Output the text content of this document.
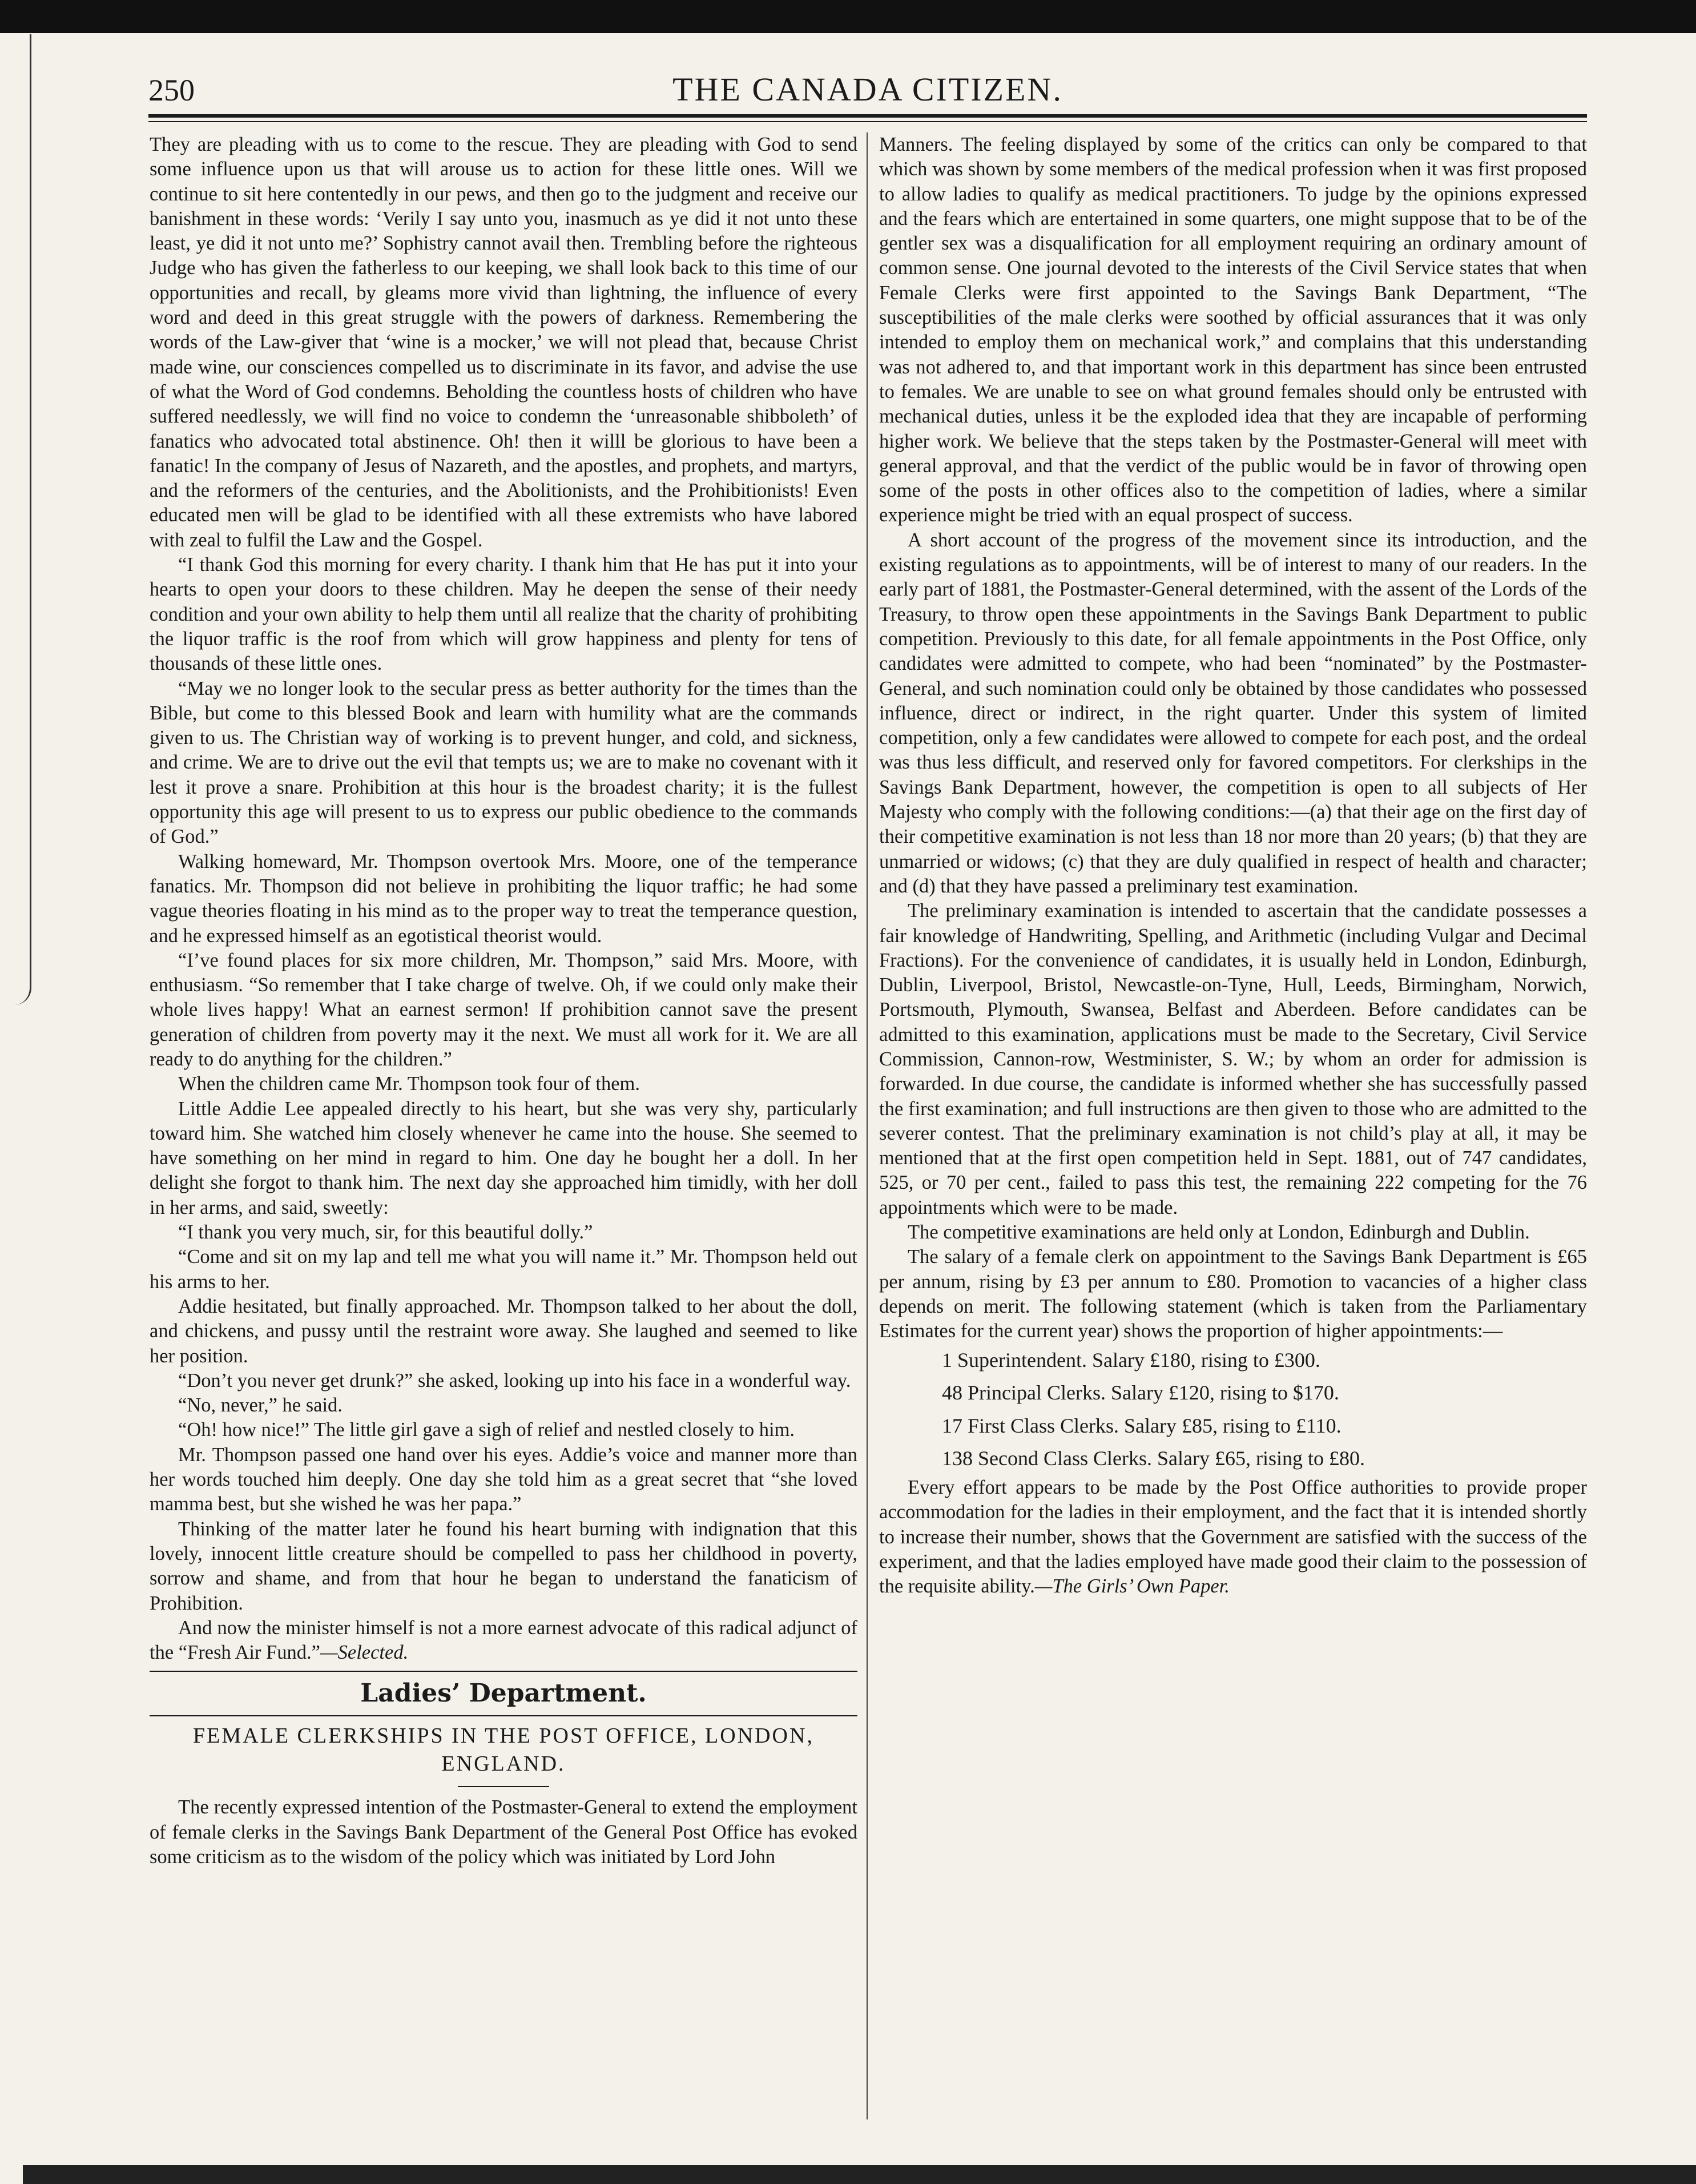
250	THE CANADA CITIZEN.

They are pleading with us to come to the rescue. They are pleading with God to send some influence upon us that will arouse us to action for these little ones. Will we continue to sit here contentedly in our pews, and then go to the judgment and receive our banishment in these words: ‘Verily I say unto you, inasmuch as ye did it not unto these least, ye did it not unto me?’ Sophistry cannot avail then. Trembling before the righteous Judge who has given the fatherless to our keeping, we shall look back to this time of our opportunities and recall, by gleams more vivid than lightning, the influence of every word and deed in this great struggle with the powers of darkness. Remembering the words of the Law-giver that ‘wine is a mocker,’ we will not plead that, because Christ made wine, our consciences compelled us to discriminate in its favor, and advise the use of what the Word of God condemns. Beholding the countless hosts of children who have suffered needlessly, we will find no voice to condemn the ‘unreasonable shibboleth’ of fanatics who advocated total abstinence. Oh! then it willl be glorious to have been a fanatic! In the company of Jesus of Nazareth, and the apostles, and prophets, and martyrs, and the reformers of the centuries, and the Abolitionists, and the Prohibitionists! Even educated men will be glad to be identified with all these extremists who have labored with zeal to fulfil the Law and the Gospel.

“I thank God this morning for every charity. I thank him that He has put it into your hearts to open your doors to these children. May he deepen the sense of their needy condition and your own ability to help them until all realize that the charity of prohibiting the liquor traffic is the roof from which will grow happiness and plenty for tens of thousands of these little ones.

“May we no longer look to the secular press as better authority for the times than the Bible, but come to this blessed Book and learn with humility what are the commands given to us. The Christian way of working is to prevent hunger, and cold, and sickness, and crime. We are to drive out the evil that tempts us; we are to make no covenant with it lest it prove a snare. Prohibition at this hour is the broadest charity; it is the fullest opportunity this age will present to us to express our public obedience to the commands of God.”

Walking homeward, Mr. Thompson overtook Mrs. Moore, one of the temperance fanatics. Mr. Thompson did not believe in prohibiting the liquor traffic; he had some vague theories floating in his mind as to the proper way to treat the temperance question, and he expressed himself as an egotistical theorist would.

“I’ve found places for six more children, Mr. Thompson,” said Mrs. Moore, with enthusiasm. “So remember that I take charge of twelve. Oh, if we could only make their whole lives happy! What an earnest sermon! If prohibition cannot save the present generation of children from poverty may it the next. We must all work for it. We are all ready to do anything for the children.”

When the children came Mr. Thompson took four of them.

Little Addie Lee appealed directly to his heart, but she was very shy, particularly toward him. She watched him closely whenever he came into the house. She seemed to have something on her mind in regard to him. One day he bought her a doll. In her delight she forgot to thank him. The next day she approached him timidly, with her doll in her arms, and said, sweetly:

“I thank you very much, sir, for this beautiful dolly.”

“Come and sit on my lap and tell me what you will name it.” Mr. Thompson held out his arms to her.

Addie hesitated, but finally approached. Mr. Thompson talked to her about the doll, and chickens, and pussy until the restraint wore away. She laughed and seemed to like her position.

“Don’t you never get drunk?” she asked, looking up into his face in a wonderful way.

“No, never,” he said.

“Oh! how nice!” The little girl gave a sigh of relief and nestled closely to him.

Mr. Thompson passed one hand over his eyes. Addie’s voice and manner more than her words touched him deeply. One day she told him as a great secret that “she loved mamma best, but she wished he was her papa.”

Thinking of the matter later he found his heart burning with indignation that this lovely, innocent little creature should be compelled to pass her childhood in poverty, sorrow and shame, and from that hour he began to understand the fanaticism of Prohibition.

And now the minister himself is not a more earnest advocate of this radical adjunct of the “Fresh Air Fund.”—Selected.

Ladies’ Department.
FEMALE CLERKSHIPS IN THE POST OFFICE, LONDON, ENGLAND.

The recently expressed intention of the Postmaster-General to extend the employment of female clerks in the Savings Bank Department of the General Post Office has evoked some criticism as to the wisdom of the policy which was initiated by Lord John

Manners. The feeling displayed by some of the critics can only be compared to that which was shown by some members of the medical profession when it was first proposed to allow ladies to qualify as medical practitioners. To judge by the opinions expressed and the fears which are entertained in some quarters, one might suppose that to be of the gentler sex was a disqualification for all employment requiring an ordinary amount of common sense. One journal devoted to the interests of the Civil Service states that when Female Clerks were first appointed to the Savings Bank Department, “The susceptibilities of the male clerks were soothed by official assurances that it was only intended to employ them on mechanical work,” and complains that this understanding was not adhered to, and that important work in this department has since been entrusted to females. We are unable to see on what ground females should only be entrusted with mechanical duties, unless it be the exploded idea that they are incapable of performing higher work. We believe that the steps taken by the Postmaster-General will meet with general approval, and that the verdict of the public would be in favor of throwing open some of the posts in other offices also to the competition of ladies, where a similar experience might be tried with an equal prospect of success.

A short account of the progress of the movement since its introduction, and the existing regulations as to appointments, will be of interest to many of our readers. In the early part of 1881, the Postmaster-General determined, with the assent of the Lords of the Treasury, to throw open these appointments in the Savings Bank Department to public competition. Previously to this date, for all female appointments in the Post Office, only candidates were admitted to compete, who had been “nominated” by the Postmaster-General, and such nomination could only be obtained by those candidates who possessed influence, direct or indirect, in the right quarter. Under this system of limited competition, only a few candidates were allowed to compete for each post, and the ordeal was thus less difficult, and reserved only for favored competitors. For clerkships in the Savings Bank Department, however, the competition is open to all subjects of Her Majesty who comply with the following conditions:—(a) that their age on the first day of their competitive examination is not less than 18 nor more than 20 years; (b) that they are unmarried or widows; (c) that they are duly qualified in respect of health and character; and (d) that they have passed a preliminary test examination.

The preliminary examination is intended to ascertain that the candidate possesses a fair knowledge of Handwriting, Spelling, and Arithmetic (including Vulgar and Decimal Fractions). For the convenience of candidates, it is usually held in London, Edinburgh, Dublin, Liverpool, Bristol, Newcastle-on-Tyne, Hull, Leeds, Birmingham, Norwich, Portsmouth, Plymouth, Swansea, Belfast and Aberdeen. Before candidates can be admitted to this examination, applications must be made to the Secretary, Civil Service Commission, Cannon-row, Westminister, S. W.; by whom an order for admission is forwarded. In due course, the candidate is informed whether she has successfully passed the first examination; and full instructions are then given to those who are admitted to the severer contest. That the preliminary examination is not child’s play at all, it may be mentioned that at the first open competition held in Sept. 1881, out of 747 candidates, 525, or 70 per cent., failed to pass this test, the remaining 222 competing for the 76 appointments which were to be made.

The competitive examinations are held only at London, Edinburgh and Dublin.

The salary of a female clerk on appointment to the Savings Bank Department is £65 per annum, rising by £3 per annum to £80. Promotion to vacancies of a higher class depends on merit. The following statement (which is taken from the Parliamentary Estimates for the current year) shows the proportion of higher appointments:—

1 Superintendent. Salary £180, rising to £300.

48 Principal Clerks. Salary £120, rising to $170.

17 First Class Clerks. Salary £85, rising to £110.

138 Second Class Clerks. Salary £65, rising to £80.

Every effort appears to be made by the Post Office authorities to provide proper accommodation for the ladies in their employment, and the fact that it is intended shortly to increase their number, shows that the Government are satisfied with the success of the experiment, and that the ladies employed have made good their claim to the possession of the requisite ability.—The Girls’ Own Paper.
